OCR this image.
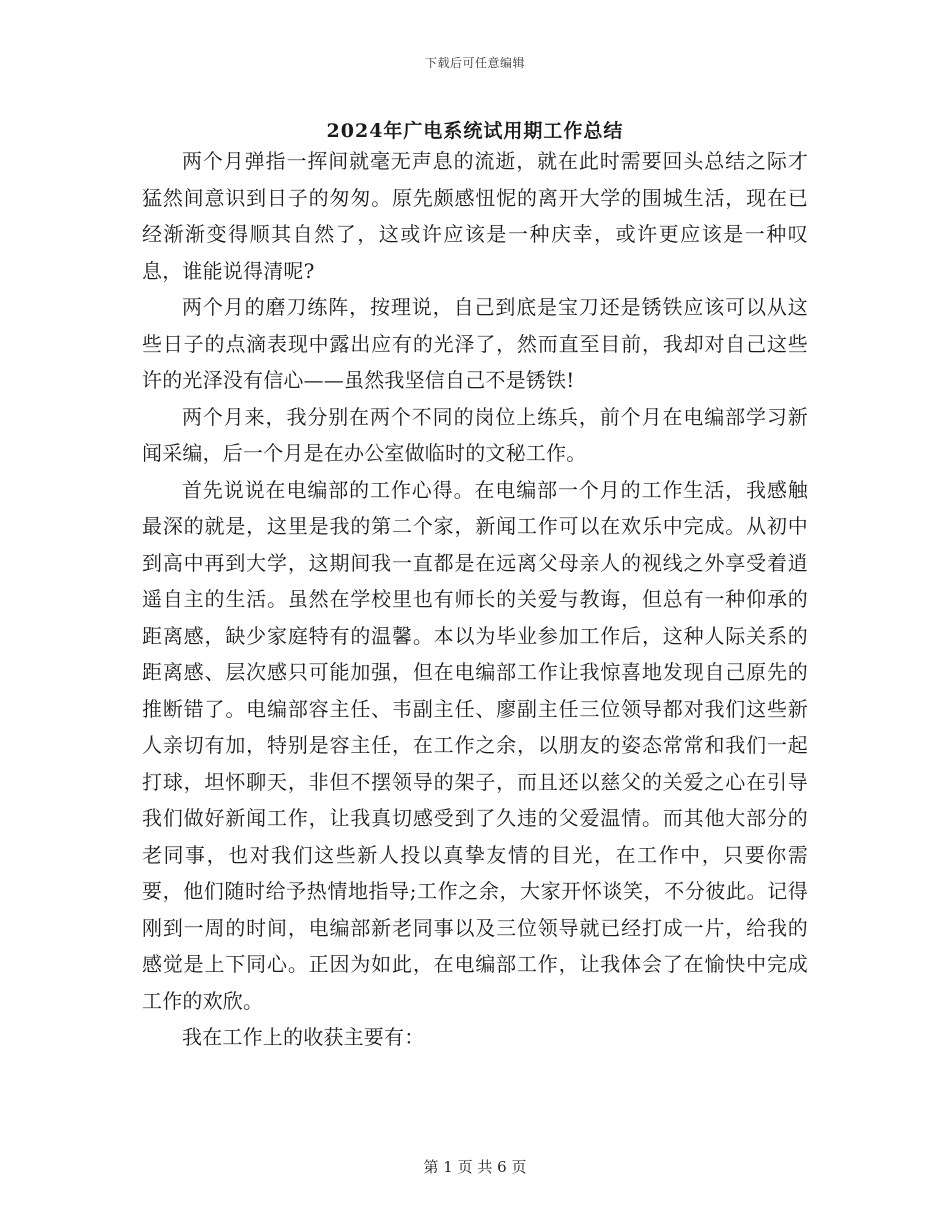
下载后可任意编辑
2024年广电系统试用期工作总结

两个月弹指一挥间就毫无声息的流逝，就在此时需要回头总结之际才猛然间意识到日子的匆匆。原先颇感忸怩的离开大学的围城生活，现在已经渐渐变得顺其自然了，这或许应该是一种庆幸，或许更应该是一种叹息，谁能说得清呢?

两个月的磨刀练阵，按理说，自己到底是宝刀还是锈铁应该可以从这些日子的点滴表现中露出应有的光泽了，然而直至目前，我却对自己这些许的光泽没有信心——虽然我坚信自己不是锈铁!

两个月来，我分别在两个不同的岗位上练兵，前个月在电编部学习新闻采编，后一个月是在办公室做临时的文秘工作。

首先说说在电编部的工作心得。在电编部一个月的工作生活，我感触最深的就是，这里是我的第二个家，新闻工作可以在欢乐中完成。从初中到高中再到大学，这期间我一直都是在远离父母亲人的视线之外享受着逍遥自主的生活。虽然在学校里也有师长的关爱与教诲，但总有一种仰承的距离感，缺少家庭特有的温馨。本以为毕业参加工作后，这种人际关系的距离感、层次感只可能加强，但在电编部工作让我惊喜地发现自己原先的推断错了。电编部容主任、韦副主任、廖副主任三位领导都对我们这些新人亲切有加，特别是容主任，在工作之余，以朋友的姿态常常和我们一起打球，坦怀聊天，非但不摆领导的架子，而且还以慈父的关爱之心在引导我们做好新闻工作，让我真切感受到了久违的父爱温情。而其他大部分的老同事，也对我们这些新人投以真挚友情的目光，在工作中，只要你需要，他们随时给予热情地指导;工作之余，大家开怀谈笑，不分彼此。记得刚到一周的时间，电编部新老同事以及三位领导就已经打成一片，给我的感觉是上下同心。正因为如此，在电编部工作，让我体会了在愉快中完成工作的欢欣。

我在工作上的收获主要有：

第 1 页 共 6 页
